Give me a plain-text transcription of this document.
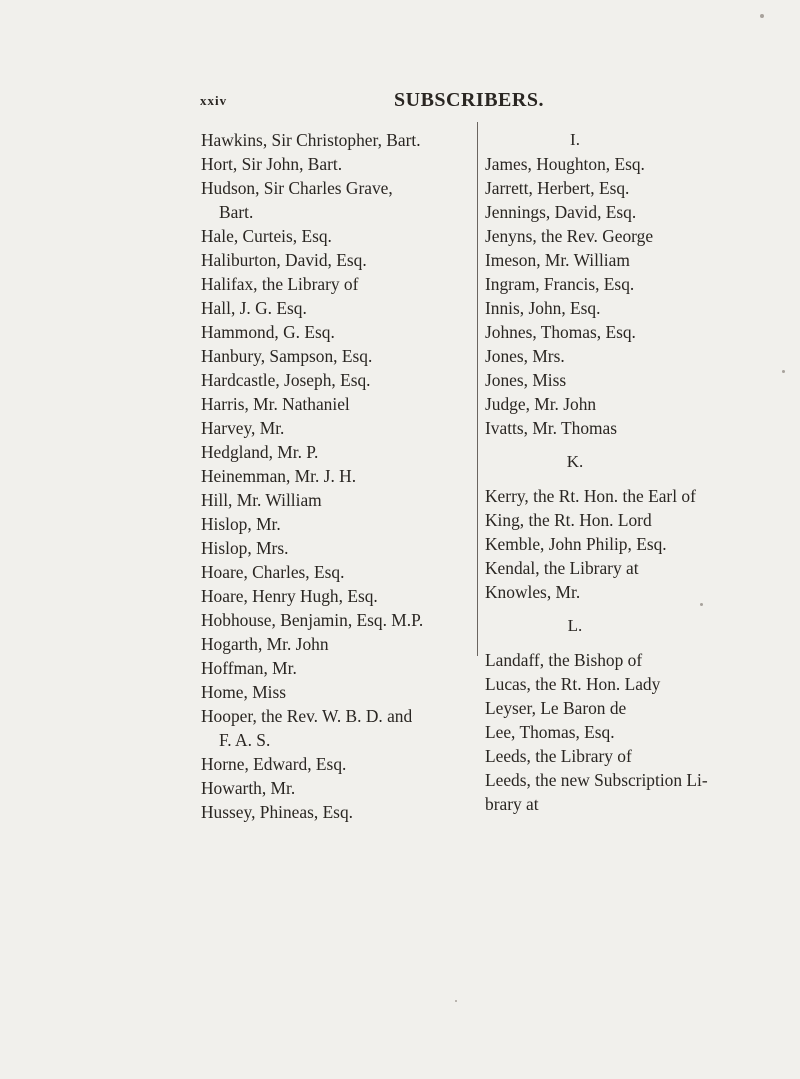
xxiv	SUBSCRIBERS.
Hawkins, Sir Christopher, Bart.
Hort, Sir John, Bart.
Hudson, Sir Charles Grave,
Bart.
Hale, Curteis, Esq.
Haliburton, David, Esq.
Halifax, the Library of
Hall, J. G. Esq.
Hammond, G. Esq.
Hanbury, Sampson, Esq.
Hardcastle, Joseph, Esq.
Harris, Mr. Nathaniel
Harvey, Mr.
Hedgland, Mr. P.
Heinemman, Mr. J. H.
Hill, Mr. William
Hislop, Mr.
Hislop, Mrs.
Hoare, Charles, Esq.
Hoare, Henry Hugh, Esq.
Hobhouse, Benjamin, Esq. M.P.
Hogarth, Mr. John
Hoffman, Mr.
Home, Miss
Hooper, the Rev. W. B. D. and
F. A. S.
Horne, Edward, Esq.
Howarth, Mr.
Hussey, Phineas, Esq.
I.
James, Houghton, Esq.
Jarrett, Herbert, Esq.
Jennings, David, Esq.
Jenyns, the Rev. George
Imeson, Mr. William
Ingram, Francis, Esq.
Innis, John, Esq.
Johnes, Thomas, Esq.
Jones, Mrs.
Jones, Miss
Judge, Mr. John
Ivatts, Mr. Thomas
K.
Kerry, the Rt. Hon. the Earl of
King, the Rt. Hon. Lord
Kemble, John Philip, Esq.
Kendal, the Library at
Knowles, Mr.
L.
Landaff, the Bishop of
Lucas, the Rt. Hon. Lady
Leyser, Le Baron de
Lee, Thomas, Esq.
Leeds, the Library of
Leeds, the new Subscription Li-
brary at
